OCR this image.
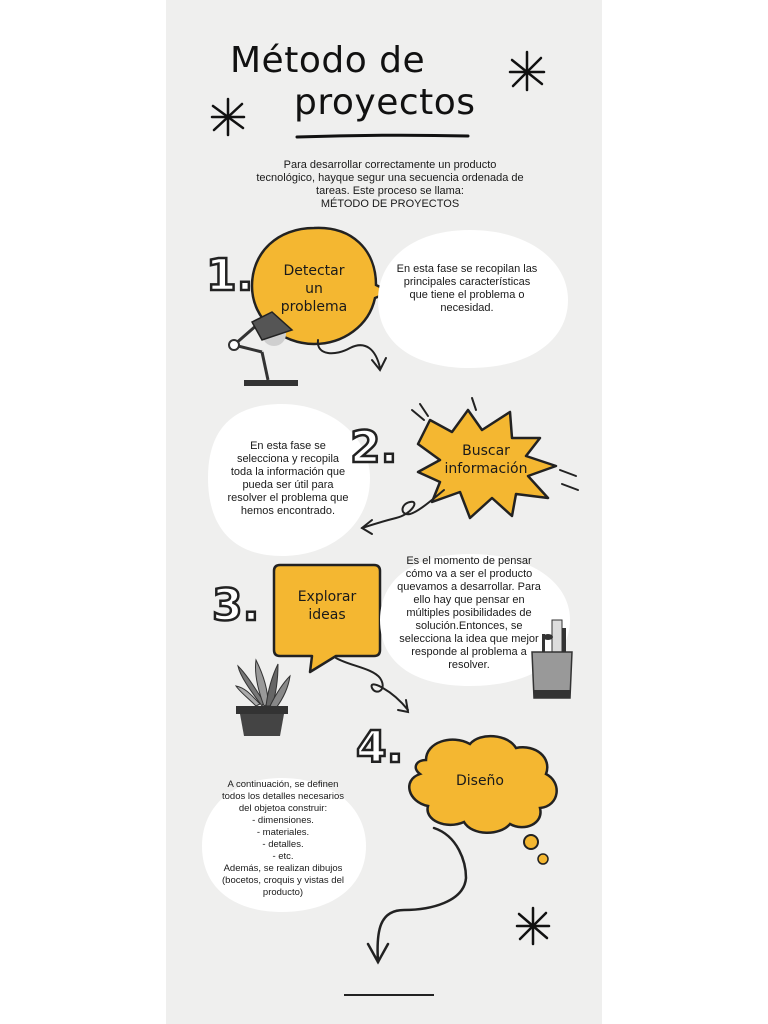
Método de
proyectos
Para desarrollar correctamente un producto
tecnológico, hayque segur una secuencia ordenada de
tareas. Este proceso se llama:
MÉTODO DE PROYECTOS
1.	Detectar
un
problema
En esta fase se recopilan las
principales características
que tiene el problema o
necesidad.
2.	Buscar
información
En esta fase se
selecciona y recopila
toda la información que
pueda ser útil para
resolver el problema que
hemos encontrado.
3.	Explorar
ideas
Es el momento de pensar
cómo va a ser el producto
quevamos a desarrollar. Para
ello hay que pensar en
múltiples posibilidades de
solución.Entonces, se
selecciona la idea que mejor
responde al problema a
resolver.
4.
Diseño
A continuación, se definen
todos los detalles necesarios
del objetoa construir:
- dimensiones.
- materiales.
- detalles.
- etc.
Además, se realizan dibujos
(bocetos, croquis y vistas del
producto)
